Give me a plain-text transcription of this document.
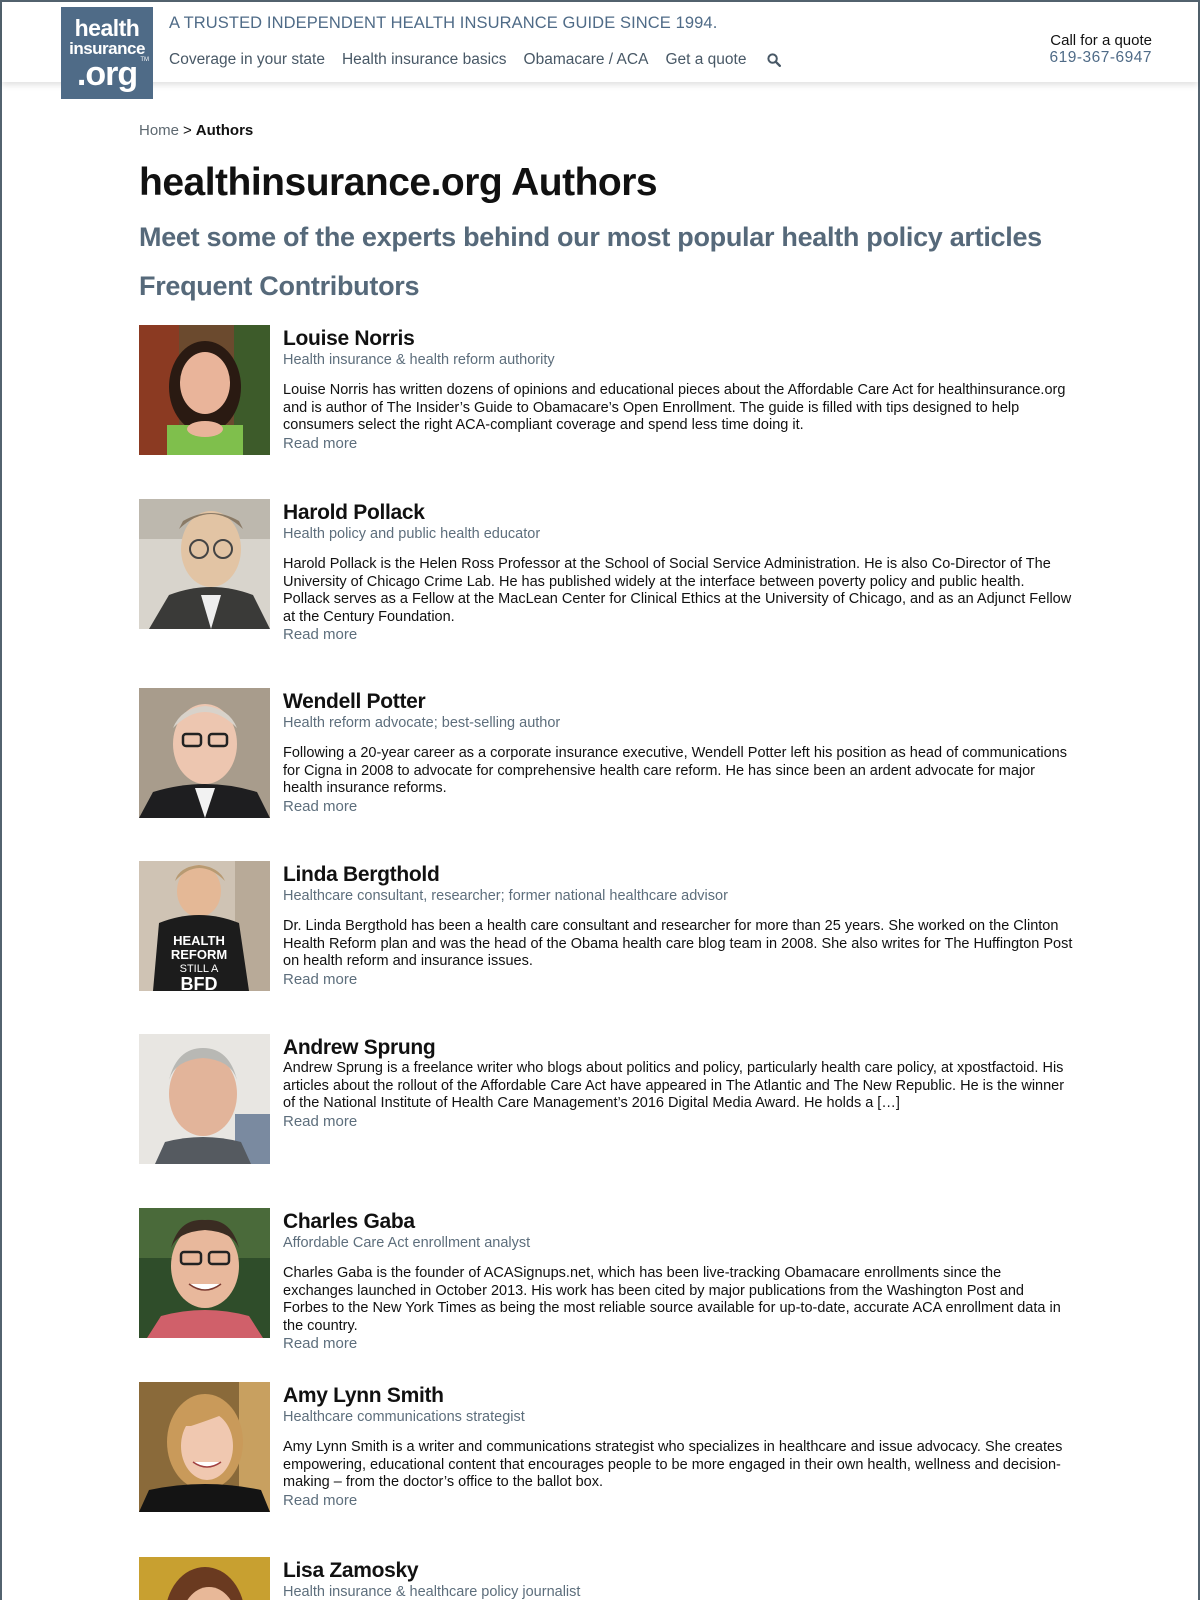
health
insurance
.org TM
A TRUSTED INDEPENDENT HEALTH INSURANCE GUIDE SINCE 1994.
Coverage in your state Health insurance basics Obamacare / ACA Get a quote
Call for a quote
619-367-6947
Home > Authors
healthinsurance.org Authors
Meet some of the experts behind our most popular health policy articles
Frequent Contributors
Louise Norris
Health insurance & health reform authority

Louise Norris has written dozens of opinions and educational pieces about the Affordable Care Act for healthinsurance.org and is author of The Insider’s Guide to Obamacare’s Open Enrollment. The guide is filled with tips designed to help consumers select the right ACA-compliant coverage and spend less time doing it.

Read more
Harold Pollack
Health policy and public health educator

Harold Pollack is the Helen Ross Professor at the School of Social Service Administration. He is also Co-Director of The University of Chicago Crime Lab. He has published widely at the interface between poverty policy and public health. Pollack serves as a Fellow at the MacLean Center for Clinical Ethics at the University of Chicago, and as an Adjunct Fellow at the Century Foundation.

Read more
Wendell Potter
Health reform advocate; best-selling author

Following a 20-year career as a corporate insurance executive, Wendell Potter left his position as head of communications for Cigna in 2008 to advocate for comprehensive health care reform. He has since been an ardent advocate for major health insurance reforms.

Read more
HEALTH
REFORM
STILL A
BFD
Linda Bergthold
Healthcare consultant, researcher; former national healthcare advisor

Dr. Linda Bergthold has been a health care consultant and researcher for more than 25 years. She worked on the Clinton Health Reform plan and was the head of the Obama health care blog team in 2008. She also writes for The Huffington Post on health reform and insurance issues.

Read more
Andrew Sprung

Andrew Sprung is a freelance writer who blogs about politics and policy, particularly health care policy, at xpostfactoid. His articles about the rollout of the Affordable Care Act have appeared in The Atlantic and The New Republic. He is the winner of the National Institute of Health Care Management’s 2016 Digital Media Award. He holds a […]

Read more
Charles Gaba
Affordable Care Act enrollment analyst

Charles Gaba is the founder of ACASignups.net, which has been live-tracking Obamacare enrollments since the exchanges launched in October 2013. His work has been cited by major publications from the Washington Post and Forbes to the New York Times as being the most reliable source available for up-to-date, accurate ACA enrollment data in the country.

Read more
Amy Lynn Smith
Healthcare communications strategist

Amy Lynn Smith is a writer and communications strategist who specializes in healthcare and issue advocacy. She creates empowering, educational content that encourages people to be more engaged in their own health, wellness and decision-making – from the doctor’s office to the ballot box.

Read more
Lisa Zamosky
Health insurance & healthcare policy journalist
